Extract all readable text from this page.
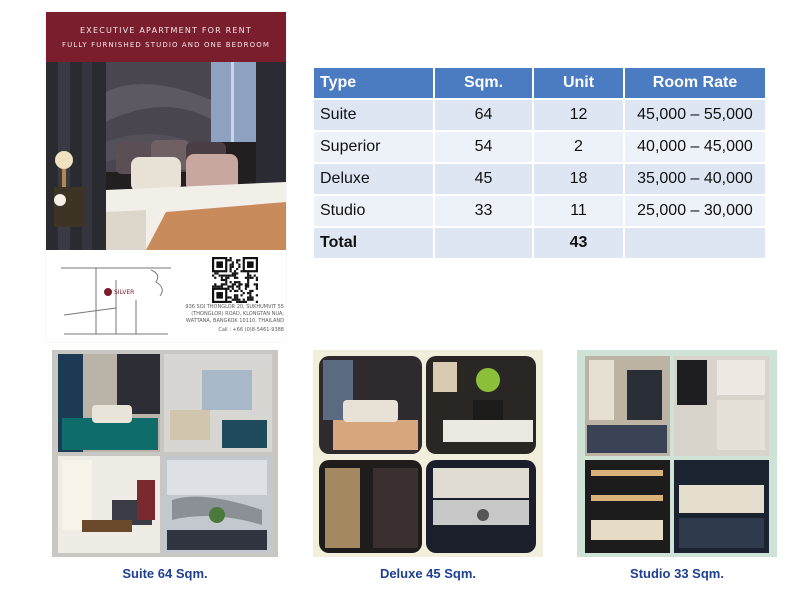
EXECUTIVE APARTMENT FOR RENT
FULLY FURNISHED STUDIO AND ONE BEDROOM
SILVER
936 SOI THONGLOR 20, SUKHUMVIT 55 (THONGLOR) ROAD, KLONGTAN NUA, WATTANA, BANGKOK 10110, THAILAND
Call : +66 (0)8-5461-9388
Type	Sqm.	Unit	Room Rate
Suite	64	12	45,000 – 55,000
Superior	54	2	40,000 – 45,000
Deluxe	45	18	35,000 – 40,000
Studio	33	11	25,000 – 30,000
Total		43	
Suite 64 Sqm.	Deluxe 45 Sqm.	Studio 33 Sqm.
